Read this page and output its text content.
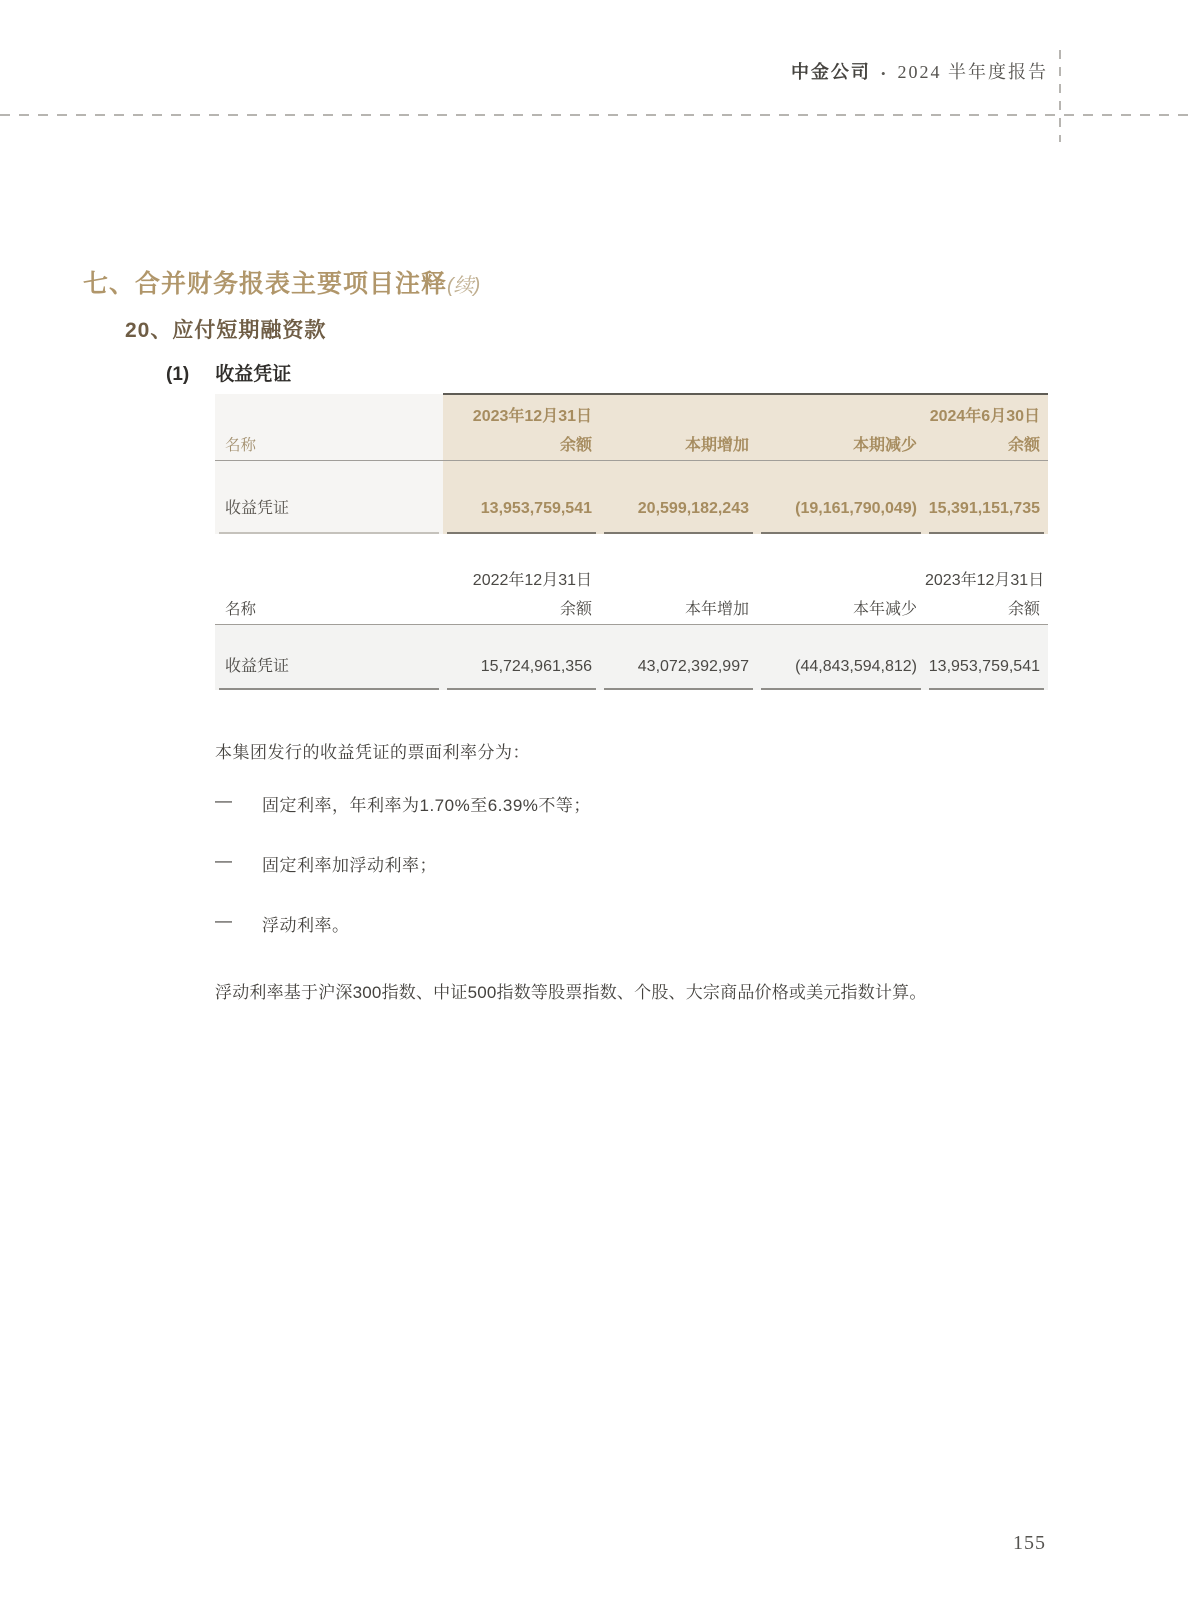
中金公司 • 2024 半年度报告
七、合并财务报表主要项目注释(续)
20、应付短期融资款
(1) 收益凭证
	2023年12月31日			2024年6月30日
名称	余额	本期增加	本期减少	余额
收益凭证	13,953,759,541	20,599,182,243	(19,161,790,049)	15,391,151,735
	2022年12月31日			2023年12月31日
名称	余额	本年增加	本年减少	余额
收益凭证	15,724,961,356	43,072,392,997	(44,843,594,812)	13,953,759,541
本集团发行的收益凭证的票面利率分为：
—	固定利率，年利率为1.70%至6.39%不等；
—	固定利率加浮动利率；
—	浮动利率。
浮动利率基于沪深300指数、中证500指数等股票指数、个股、大宗商品价格或美元指数计算。
155
